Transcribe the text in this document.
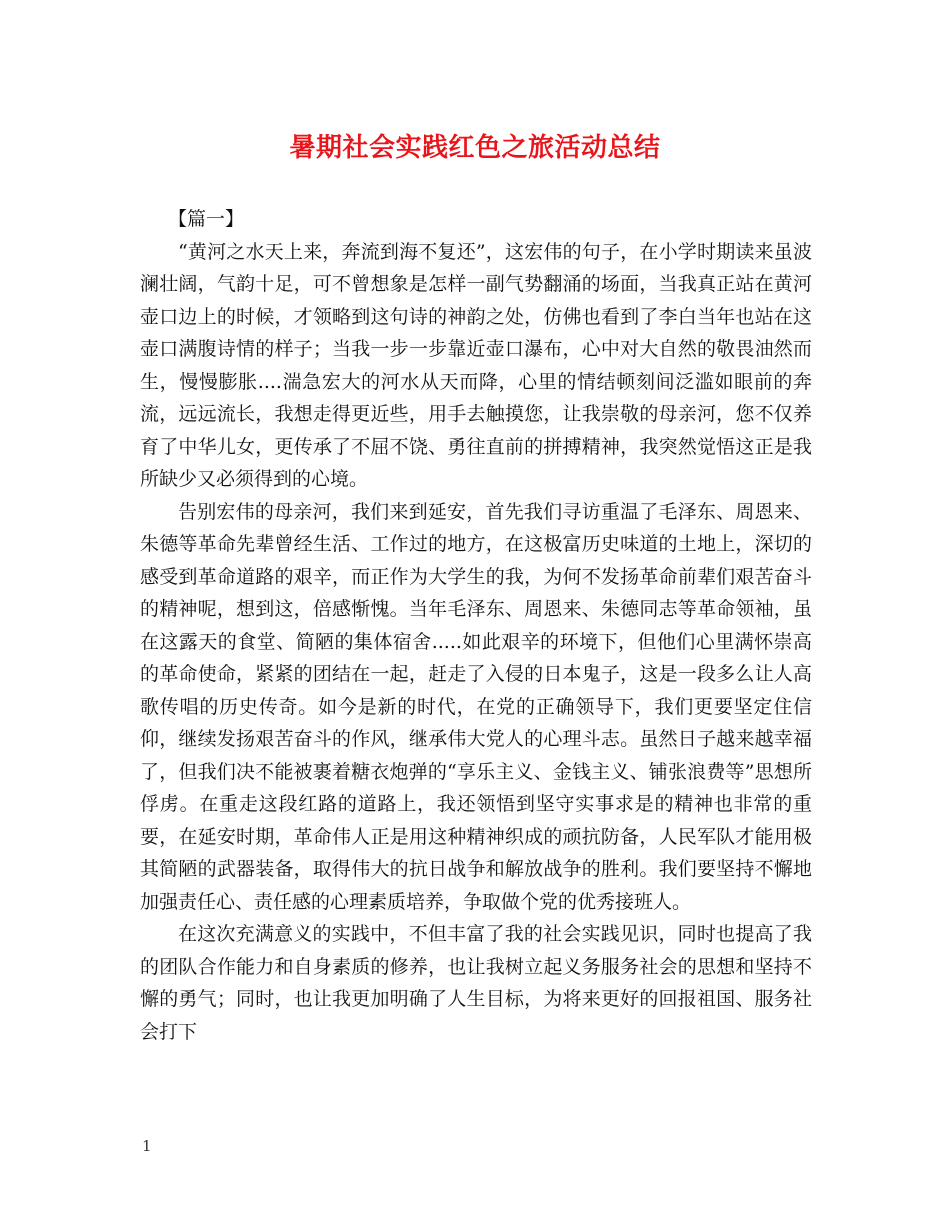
暑期社会实践红色之旅活动总结

【篇一】

“黄河之水天上来，奔流到海不复还”，这宏伟的句子，在小学时期读来虽波澜壮阔，气韵十足，可不曾想象是怎样一副气势翻涌的场面，当我真正站在黄河壶口边上的时候，才领略到这句诗的神韵之处，仿佛也看到了李白当年也站在这壶口满腹诗情的样子；当我一步一步靠近壶口瀑布，心中对大自然的敬畏油然而生，慢慢膨胀....湍急宏大的河水从天而降，心里的情结顿刻间泛滥如眼前的奔流，远远流长，我想走得更近些，用手去触摸您，让我崇敬的母亲河，您不仅养育了中华儿女，更传承了不屈不饶、勇往直前的拼搏精神，我突然觉悟这正是我所缺少又必须得到的心境。

告别宏伟的母亲河，我们来到延安，首先我们寻访重温了毛泽东、周恩来、朱德等革命先辈曾经生活、工作过的地方，在这极富历史味道的土地上，深切的感受到革命道路的艰辛，而正作为大学生的我，为何不发扬革命前辈们艰苦奋斗的精神呢，想到这，倍感惭愧。当年毛泽东、周恩来、朱德同志等革命领袖，虽在这露天的食堂、简陋的集体宿舍.....如此艰辛的环境下，但他们心里满怀崇高的革命使命，紧紧的团结在一起，赶走了入侵的日本鬼子，这是一段多么让人高歌传唱的历史传奇。如今是新的时代，在党的正确领导下，我们更要坚定住信仰，继续发扬艰苦奋斗的作风，继承伟大党人的心理斗志。虽然日子越来越幸福了，但我们决不能被裹着糖衣炮弹的“享乐主义、金钱主义、铺张浪费等”思想所俘虏。在重走这段红路的道路上，我还领悟到坚守实事求是的精神也非常的重要，在延安时期，革命伟人正是用这种精神织成的顽抗防备，人民军队才能用极其简陋的武器装备，取得伟大的抗日战争和解放战争的胜利。我们要坚持不懈地加强责任心、责任感的心理素质培养，争取做个党的优秀接班人。

在这次充满意义的实践中，不但丰富了我的社会实践见识，同时也提高了我的团队合作能力和自身素质的修养，也让我树立起义务服务社会的思想和坚持不懈的勇气；同时，也让我更加明确了人生目标，为将来更好的回报祖国、服务社会打下

1
